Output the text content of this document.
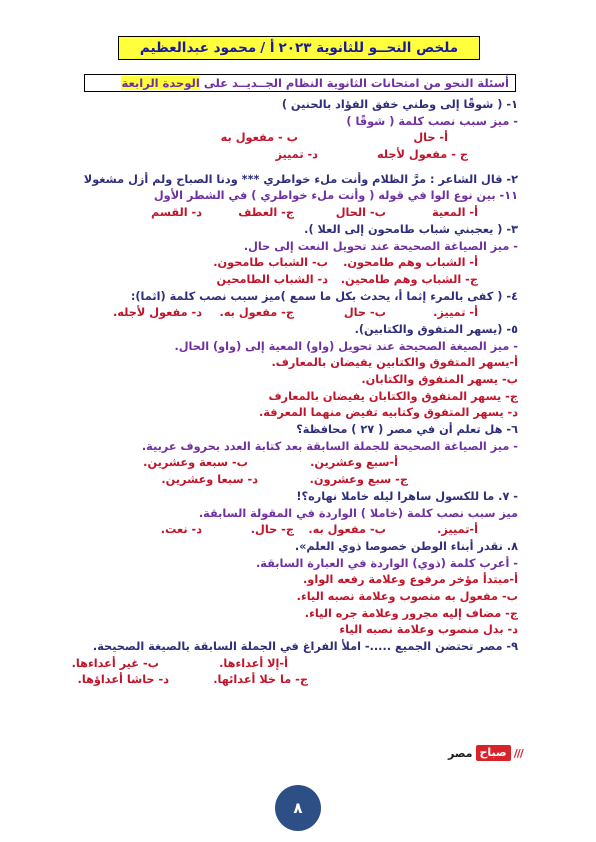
ملخص النحــو للثانوية ٢٠٢٣
أ /
محمود عبدالعظيم
أسئلة النحو من امتحانات الثانوية النظام الجــديــد على

الوحدة الرابعة
١- ( شوقًا إلى وطني خفق الفؤاد بالحنين )
- ميز سبب نصب كلمة ( شوقًا )
أ- حال
ب - مفعول به
ج - مفعول لأجله
د- تمييز
٢- قال الشاعر : مرَّ الظلام وأنت ملء خواطري *** ودنا الصباح ولم أزل مشغولا
١١- بين نوع الوا في قوله ( وأنت ملء خواطري ) في الشطر الأول
أ- المعية
ب- الحال
ج- العطف
د- القسم
٣- ( يعجبني شباب طامحون إلى العلا ).
- ميز الصياغة الصحيحة عند تحويل النعت إلى حال.
أ- الشباب وهم طامحون.
ب- الشباب طامحون.
ج- الشباب وهم طامحين.
د- الشباب الطامحين
٤- ( كفى بالمرء إثما أ، يحدث بكل ما سمع )ميز سبب نصب كلمة (اثما):
أ- تمييز.
ب- حال
ج- مفعول به.
د- مفعول لأجله.
٥- (يسهر المتفوق والكتابين).
- ميز الصيغة الصحيحة عند تحويل (واو) المعية إلى (واو) الحال.
أ-يسهر المتفوق والكتابين يفيضان بالمعارف.
ب- يسهر المتفوق والكتابان.
ج- يسهر المتفوق والكتابان يفيضان بالمعارف
د- يسهر المتفوق وكتابيه تفيض منهما المعرفة.
٦- هل تعلم أن في مصر ( ٢٧ ) محافظة؟
- ميز الصياغة الصحيحة للجملة السابقة بعد كتابة العدد بحروف عربية.
أ-سبع وعشرين.
ب- سبعة وعشرين.
ج- سبع وعشرون.
د- سبعا وعشرين.
- ٧. ما للكسول ساهرا ليله خاملا نهاره؟!
ميز سبب نصب كلمة (خاملا ) الواردة في المقولة السابقة.
أ-تمييز.
ب- مفعول به.
ج- حال.
د- نعت.
٨. نقدر أبناء الوطن خصوصا ذوي العلم».
- أعرب كلمة (ذوي) الواردة في العبارة السابقة.
أ-مبتدأ مؤخر مرفوع وعلامة رفعه الواو.
ب- مفعول به منصوب وعلامة نصبه الياء.
ج- مضاف إليه مجرور وعلامة جره الياء.
د- بدل منصوب وعلامة نصبه الياء
٩- مصر تحتضن الجميع .....- املأ الفراغ في الجملة السابقة بالصيغة الصحيحة.
أ-إلا أعداءها.
ب- غير أعداءها.
ج- ما خلا أعدائها.
د- حاشا أعداؤها.
///
صباح
مصر
٨
